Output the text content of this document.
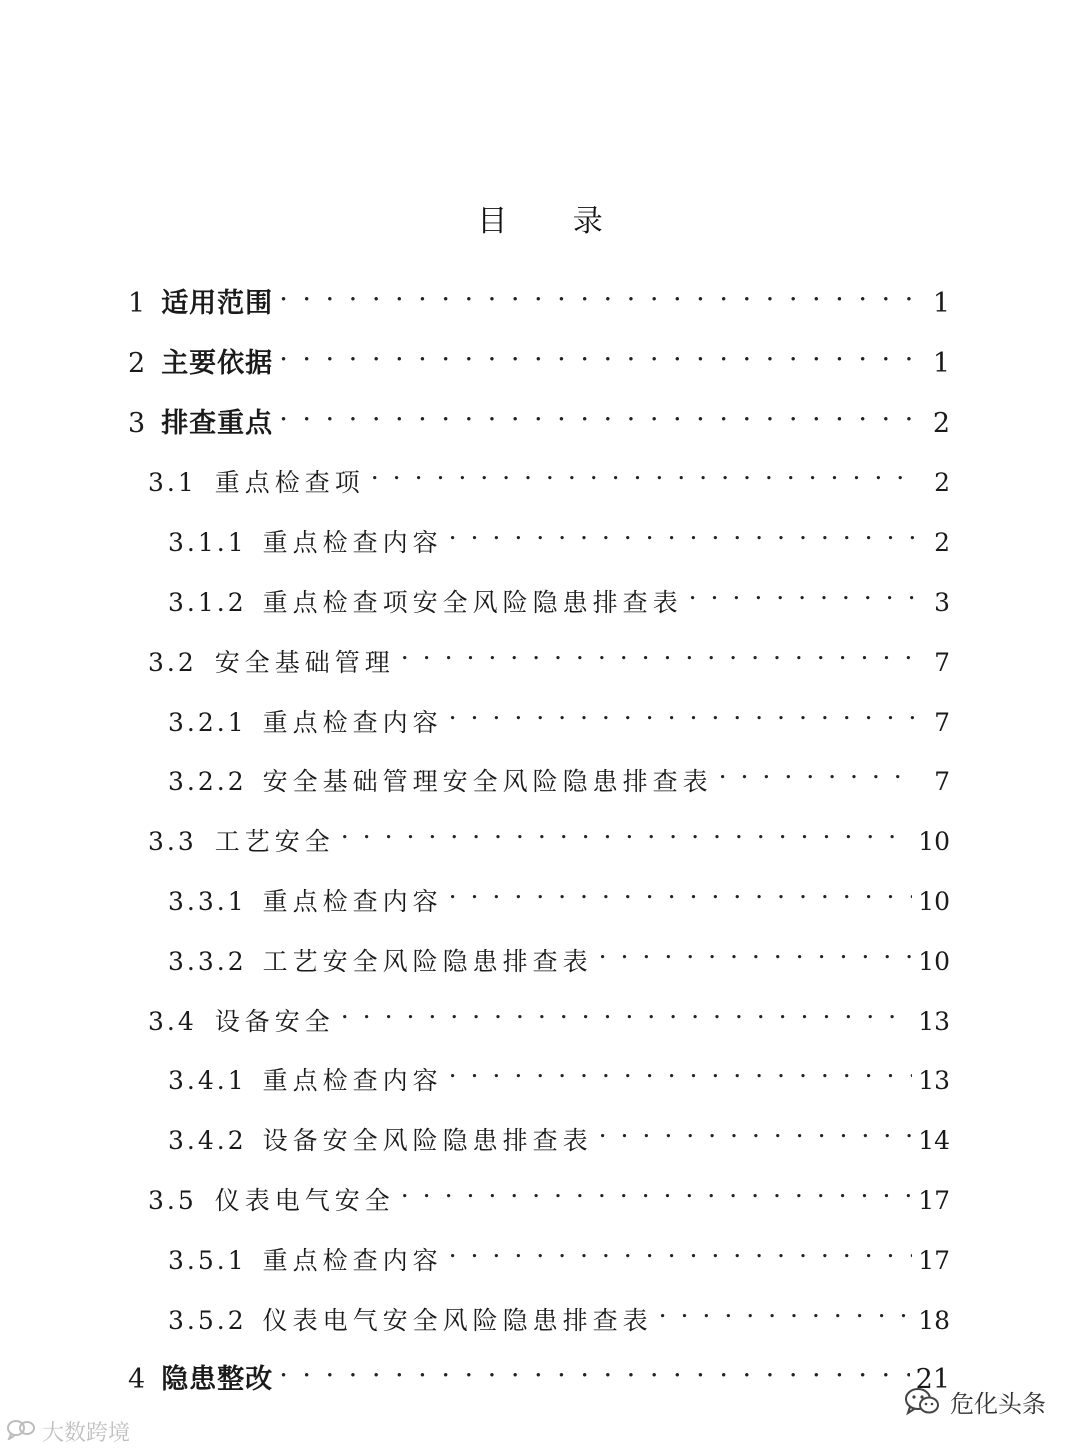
目 录
1 适用范围 . . .	1
2 主要依据 . . .	1
3 排查重点 . . .	2
3.1 重点检查项 . . .	2
3.1.1 重点检查内容 . . .	2
3.1.2 重点检查项安全风险隐患排查表 . . .	3
3.2 安全基础管理 . . .	7
3.2.1 重点检查内容 . . .	7
3.2.2 安全基础管理安全风险隐患排查表 . . .	7
3.3 工艺安全 . . .	10
3.3.1 重点检查内容 . . .	10
3.3.2 工艺安全风险隐患排查表 . . .	10
3.4 设备安全 . . .	13
3.4.1 重点检查内容 . . .	13
3.4.2 设备安全风险隐患排查表 . . .	14
3.5 仪表电气安全 . . .	17
3.5.1 重点检查内容 . . .	17
3.5.2 仪表电气安全风险隐患排查表 . . .	18
4 隐患整改 . . .	21
大数跨境
危化头条
